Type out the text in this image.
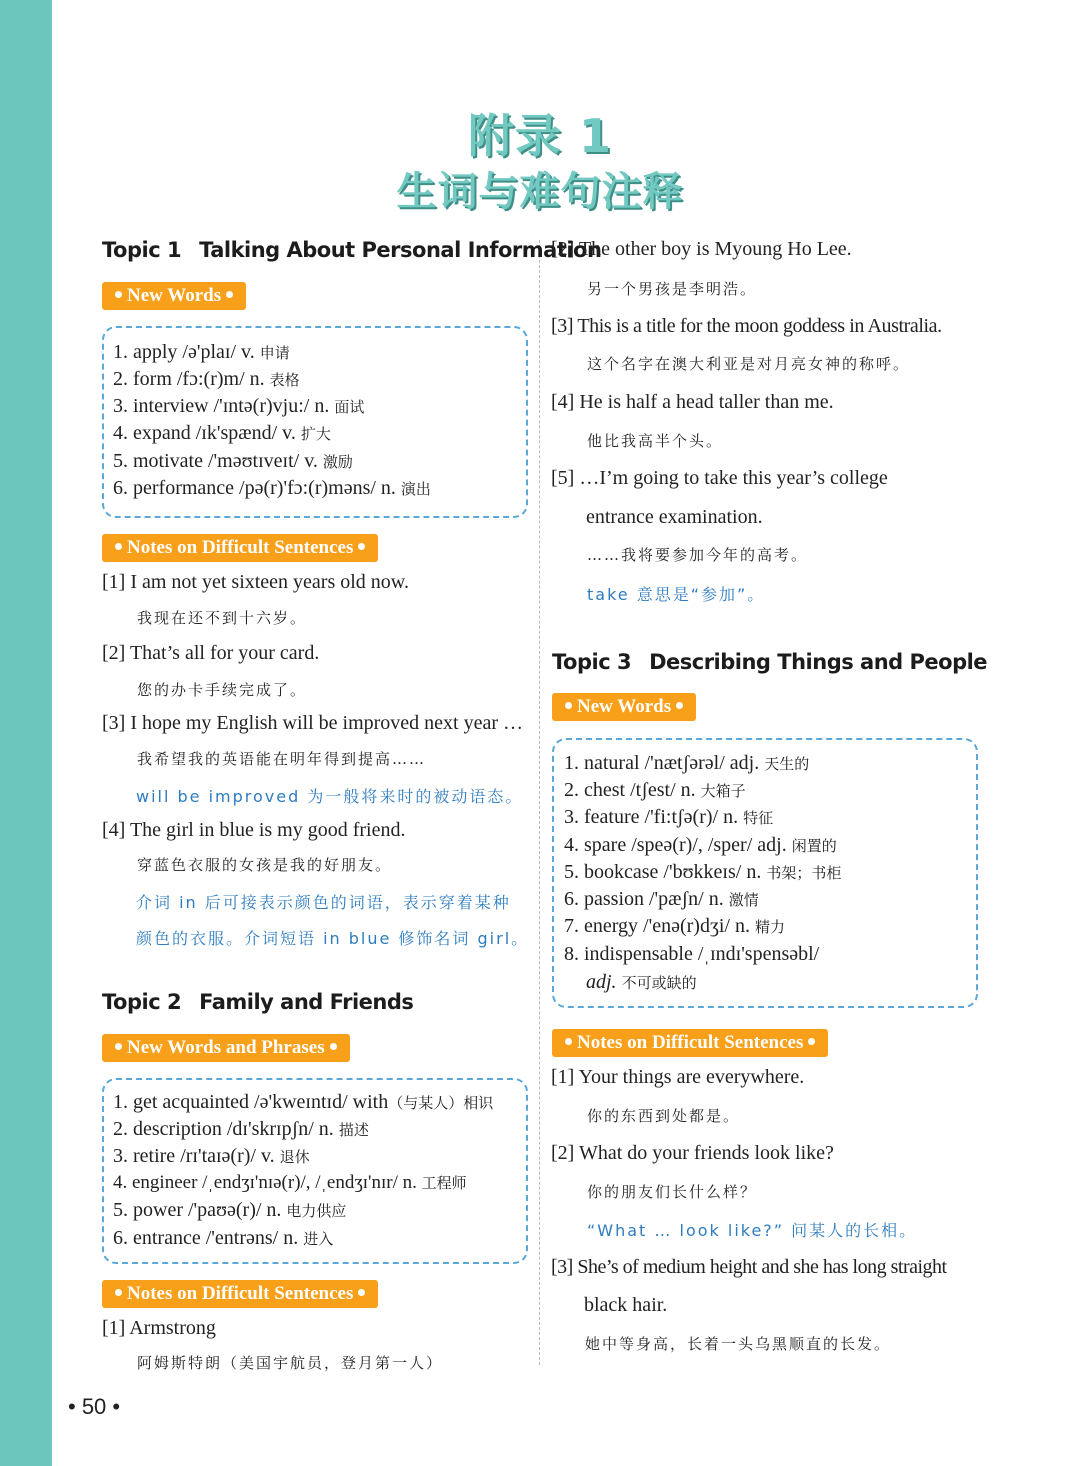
附录 1
生词与难句注释
Topic 1 Talking About Personal Information
New Words
1. apply /ə'plaɪ/ v. 申请
2. form /fɔ:(r)m/ n. 表格
3. interview /'ɪntə(r)vju:/ n. 面试
4. expand /ɪk'spænd/ v. 扩大
5. motivate /'məʊtɪveɪt/ v. 激励
6. performance /pə(r)'fɔ:(r)məns/ n. 演出
Notes on Difficult Sentences
[1] I am not yet sixteen years old now.
我现在还不到十六岁。
[2] That’s all for your card.
您的办卡手续完成了。
[3] I hope my English will be improved next year …
我希望我的英语能在明年得到提高……
will be improved 为一般将来时的被动语态。
[4] The girl in blue is my good friend.
穿蓝色衣服的女孩是我的好朋友。
介词 in 后可接表示颜色的词语，表示穿着某种
颜色的衣服。介词短语 in blue 修饰名词 girl。
Topic 2 Family and Friends
New Words and Phrases
1. get acquainted /ə'kweɪntɪd/ with（与某人）相识
2. description /dɪ'skrɪpʃn/ n. 描述
3. retire /rɪ'taɪə(r)/ v. 退休
4. engineer /ˌendʒɪ'nɪə(r)/, /ˌendʒɪ'nɪr/ n. 工程师
5. power /'paʊə(r)/ n. 电力供应
6. entrance /'entrəns/ n. 进入
Notes on Difficult Sentences
[1] Armstrong
阿姆斯特朗（美国宇航员，登月第一人）
[2] The other boy is Myoung Ho Lee.
另一个男孩是李明浩。
[3] This is a title for the moon goddess in Australia.
这个名字在澳大利亚是对月亮女神的称呼。
[4] He is half a head taller than me.
他比我高半个头。
[5] …I’m going to take this year’s college
entrance examination.
……我将要参加今年的高考。
take 意思是“参加”。
Topic 3 Describing Things and People
New Words
1. natural /'nætʃərəl/ adj. 天生的
2. chest /tʃest/ n. 大箱子
3. feature /'fi:tʃə(r)/ n. 特征
4. spare /speə(r)/, /sper/ adj. 闲置的
5. bookcase /'bʊkkeɪs/ n. 书架；书柜
6. passion /'pæʃn/ n. 激情
7. energy /'enə(r)dʒi/ n. 精力
8. indispensable /ˌɪndɪ'spensəbl/
adj. 不可或缺的
Notes on Difficult Sentences
[1] Your things are everywhere.
你的东西到处都是。
[2] What do your friends look like?
你的朋友们长什么样？
“What … look like?” 问某人的长相。
[3] She’s of medium height and she has long straight
black hair.
她中等身高，长着一头乌黑顺直的长发。
• 50 •
